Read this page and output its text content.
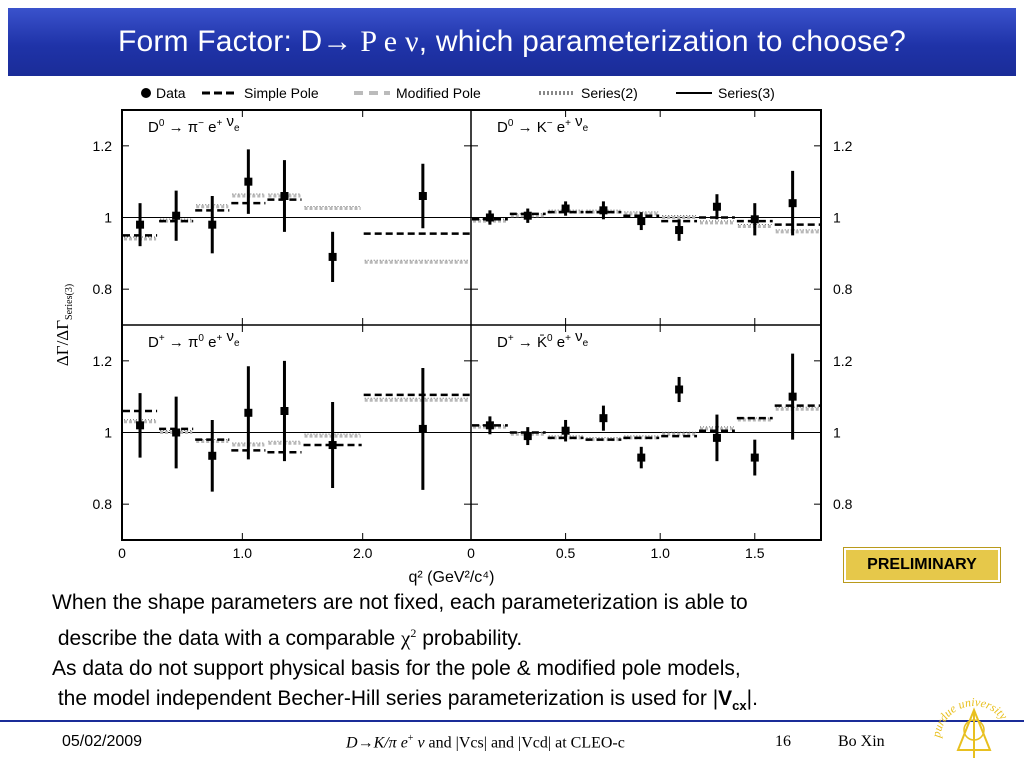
Form Factor: D→ P e ν, which parameterization to choose?
Data	Simple Pole	Modified Pole	Series(2)	Series(3)
0.8
1
1.2
$D^0 \to \pi^-$ e+ $\nu_e$
0.8
1
1.2
$D^0 \to K^-$ e+ $\nu_e$
0.8
1
1.2
0	1.0	2.0
$D^+ \to \pi^0$ e+ $\nu_e$
0.8
1
1.2
0	0.5	1.0	1.5
D+ → K̄$^0$ e+ $\nu_e$
$\Delta\Gamma/\Delta\Gamma_{Series(3)}$
q² (GeV²/c⁴)
PRELIMINARY

When the shape parameters are not fixed, each parameterization is able to

describe the data with a comparable $\chi^2$ probability.

As data do not support physical basis for the pole & modified pole models,

the model independent Becher-Hill series parameterization is used for $|V_{cx}|$.

05/02/2009	D→K/π e+ ν and |Vcs| and |Vcd| at CLEO-c	16	Bo Xin	purdue university
